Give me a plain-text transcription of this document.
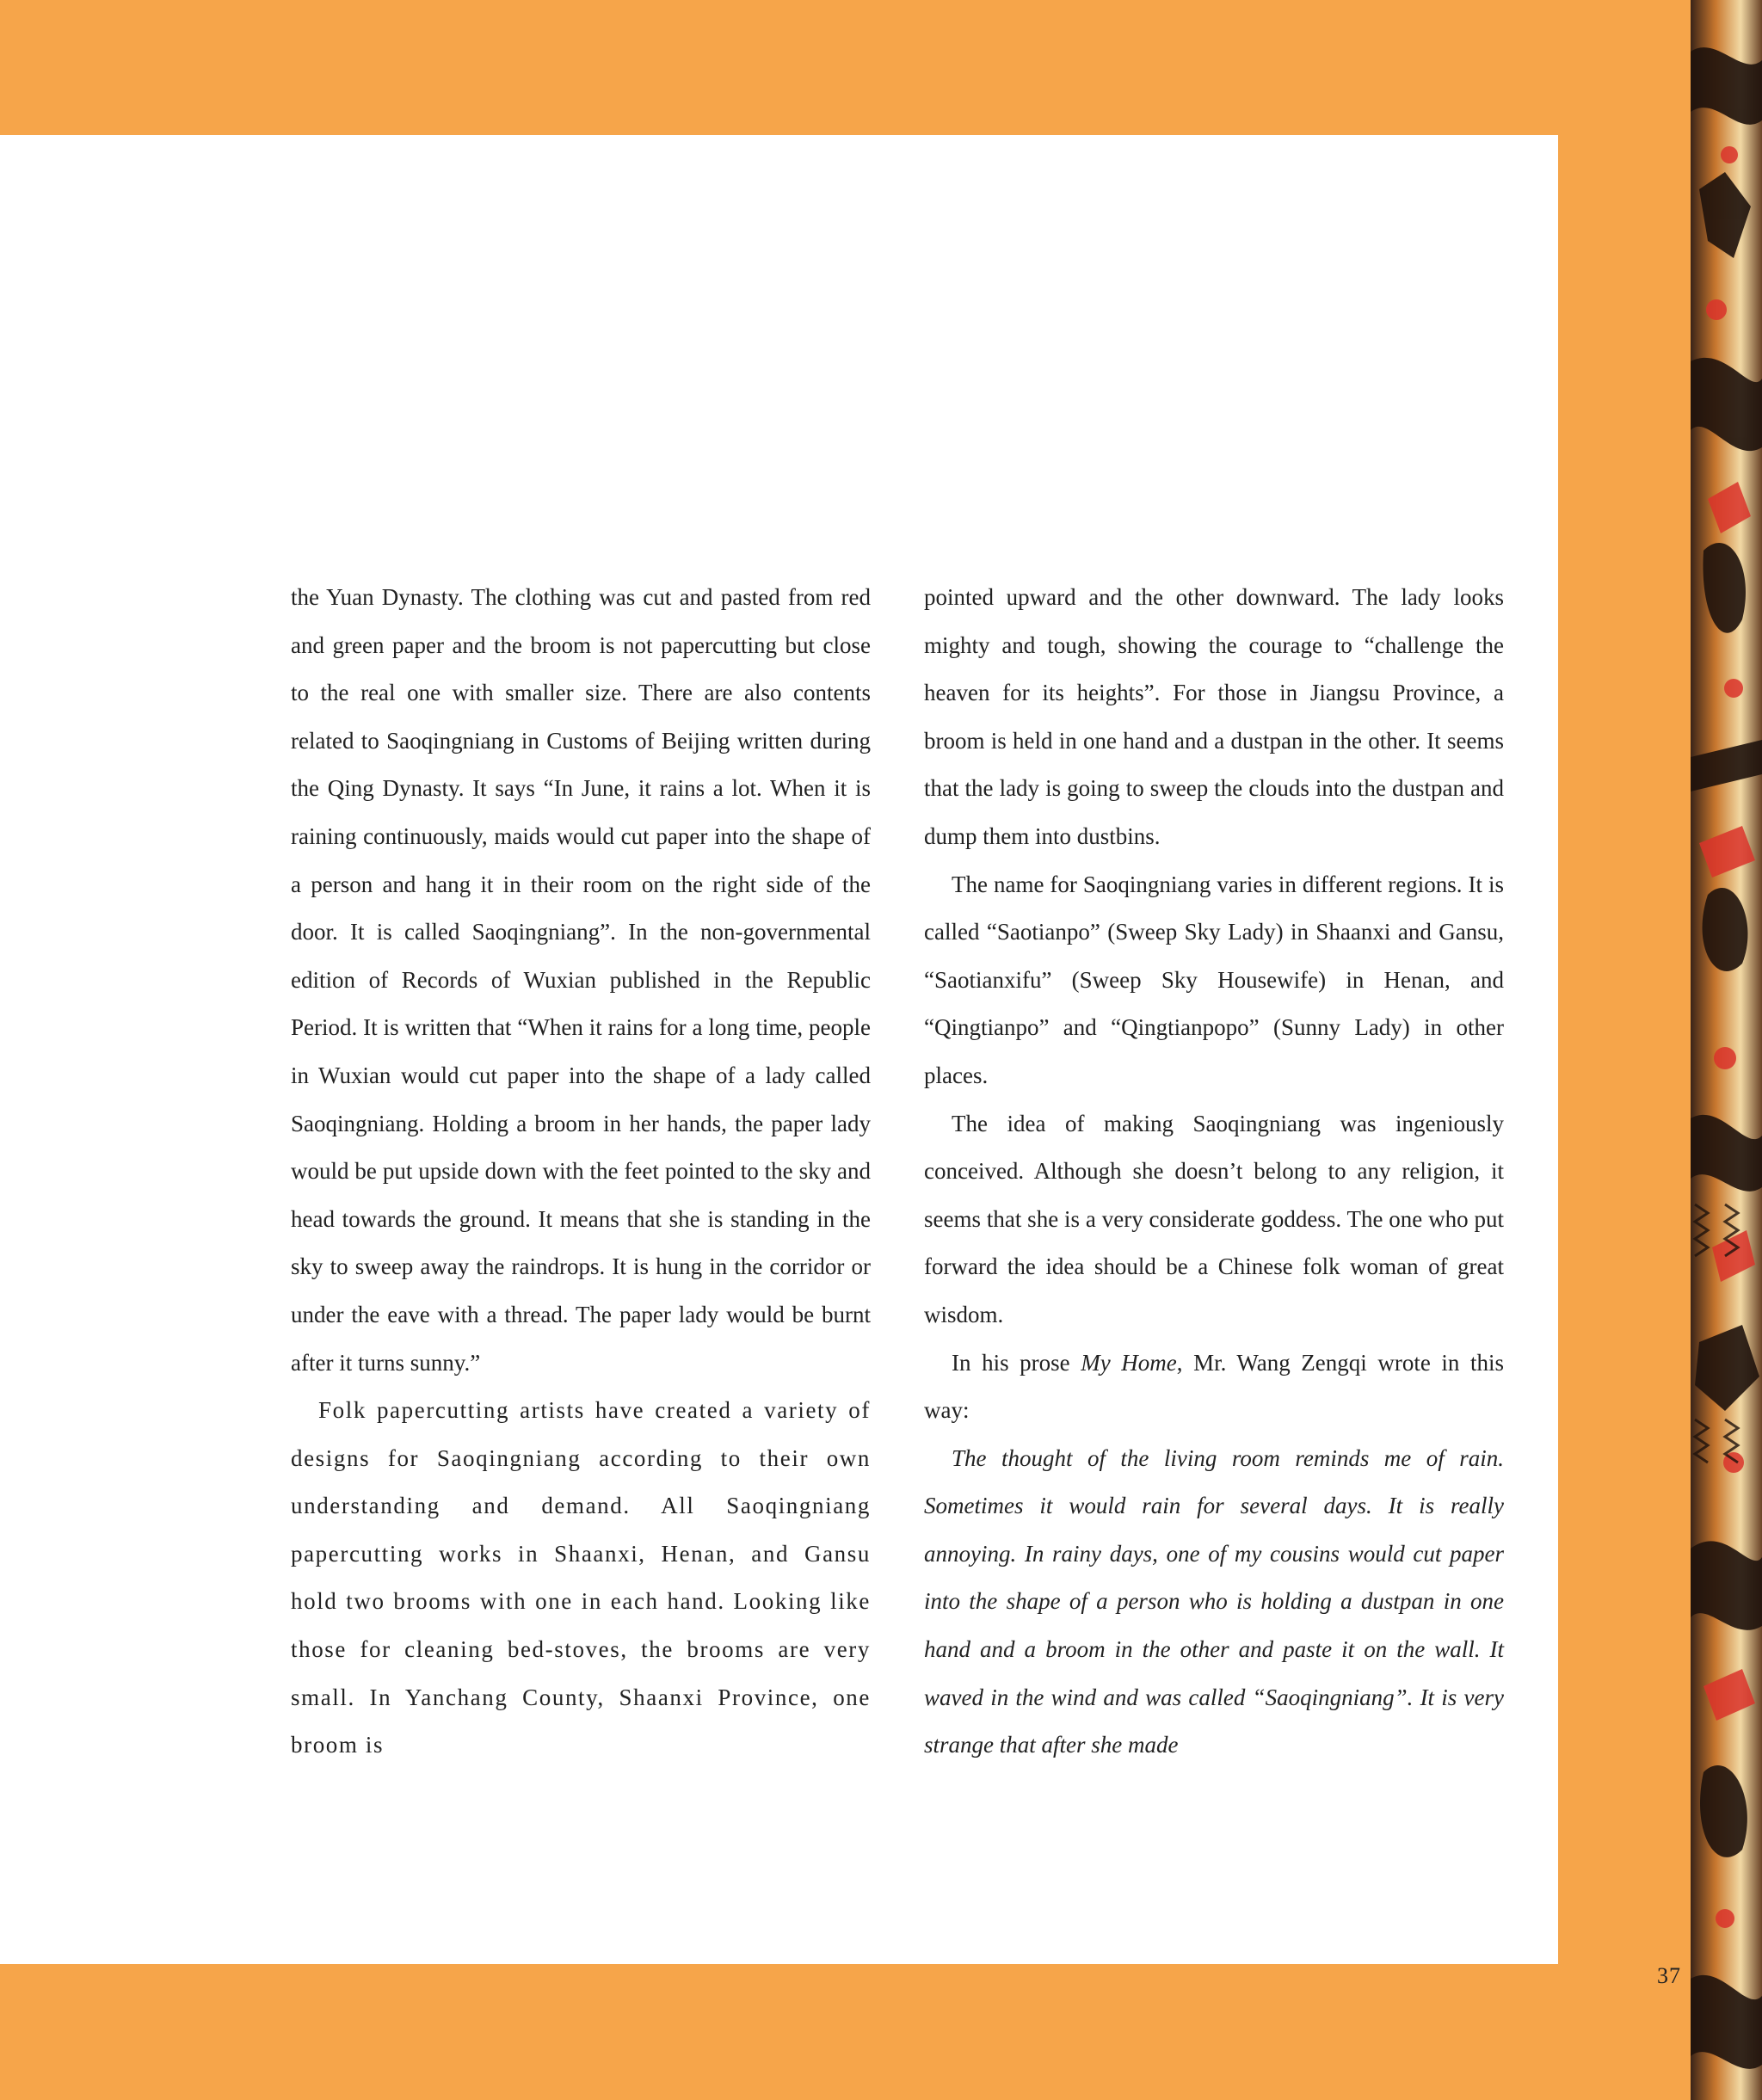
the Yuan Dynasty. The clothing was cut and pasted from red and green paper and the broom is not papercutting but close to the real one with smaller size. There are also contents related to Saoqingniang in Customs of Beijing written during the Qing Dynasty. It says “In June, it rains a lot. When it is raining continuously, maids would cut paper into the shape of a person and hang it in their room on the right side of the door. It is called Saoqingniang”. In the non-governmental edition of Records of Wuxian published in the Republic Period. It is written that “When it rains for a long time, people in Wuxian would cut paper into the shape of a lady called Saoqingniang. Holding a broom in her hands, the paper lady would be put upside down with the feet pointed to the sky and head towards the ground. It means that she is standing in the sky to sweep away the raindrops. It is hung in the corridor or under the eave with a thread. The paper lady would be burnt after it turns sunny.”

Folk papercutting artists have created a variety of designs for Saoqingniang according to their own understanding and demand. All Saoqingniang papercutting works in Shaanxi, Henan, and Gansu hold two brooms with one in each hand. Looking like those for cleaning bed-stoves, the brooms are very small. In Yanchang County, Shaanxi Province, one broom is

pointed upward and the other downward. The lady looks mighty and tough, showing the courage to “challenge the heaven for its heights”. For those in Jiangsu Province, a broom is held in one hand and a dustpan in the other. It seems that the lady is going to sweep the clouds into the dustpan and dump them into dustbins.

The name for Saoqingniang varies in different regions. It is called “Saotianpo” (Sweep Sky Lady) in Shaanxi and Gansu, “Saotianxifu” (Sweep Sky Housewife) in Henan, and “Qingtianpo” and “Qingtianpopo” (Sunny Lady) in other places.

The idea of making Saoqingniang was ingeniously conceived. Although she doesn’t belong to any religion, it seems that she is a very considerate goddess. The one who put forward the idea should be a Chinese folk woman of great wisdom.

In his prose My Home, Mr. Wang Zengqi wrote in this way:

The thought of the living room reminds me of rain. Sometimes it would rain for several days. It is really annoying. In rainy days, one of my cousins would cut paper into the shape of a person who is holding a dustpan in one hand and a broom in the other and paste it on the wall. It waved in the wind and was called “Saoqingniang”. It is very strange that after she made

37
